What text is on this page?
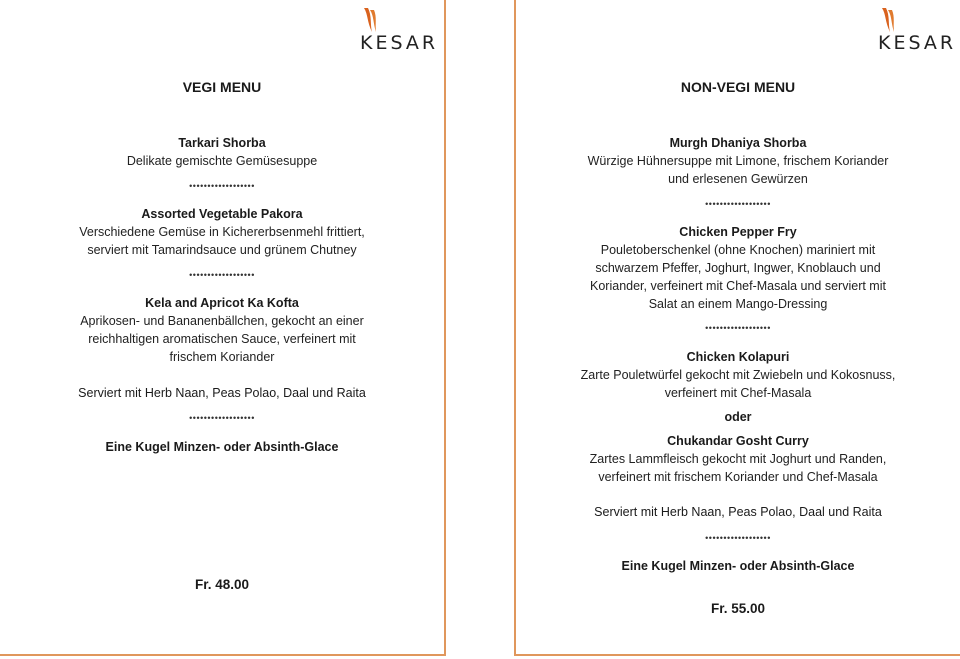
KESAR
VEGI MENU
Tarkari Shorba
Delikate gemischte Gemüsesuppe
••••••••••••••••••
Assorted Vegetable Pakora
Verschiedene Gemüse in Kichererbsenmehl frittiert,
serviert mit Tamarindsauce und grünem Chutney
••••••••••••••••••
Kela and Apricot Ka Kofta
Aprikosen- und Bananenbällchen, gekocht an einer
reichhaltigen aromatischen Sauce, verfeinert mit
frischem Koriander
Serviert mit Herb Naan, Peas Polao, Daal und Raita
••••••••••••••••••
Eine Kugel Minzen- oder Absinth-Glace
Fr. 48.00
KESAR
NON-VEGI MENU
Murgh Dhaniya Shorba
Würzige Hühnersuppe mit Limone, frischem Koriander
und erlesenen Gewürzen
••••••••••••••••••
Chicken Pepper Fry
Pouletoberschenkel (ohne Knochen) mariniert mit
schwarzem Pfeffer, Joghurt, Ingwer, Knoblauch und
Koriander, verfeinert mit Chef-Masala und serviert mit
Salat an einem Mango-Dressing
••••••••••••••••••
Chicken Kolapuri
Zarte Pouletwürfel gekocht mit Zwiebeln und Kokosnuss,
verfeinert mit Chef-Masala
oder
Chukandar Gosht Curry
Zartes Lammfleisch gekocht mit Joghurt und Randen,
verfeinert mit frischem Koriander und Chef-Masala
Serviert mit Herb Naan, Peas Polao, Daal und Raita
••••••••••••••••••
Eine Kugel Minzen- oder Absinth-Glace
Fr. 55.00
